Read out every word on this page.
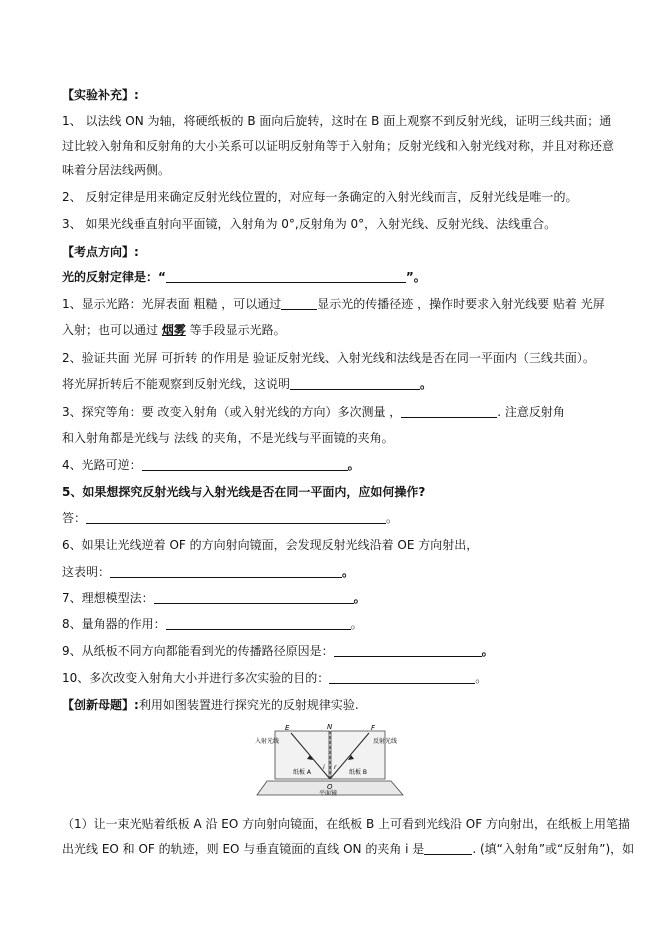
【实验补充】:
1、 以法线 ON 为轴，将硬纸板的 B 面向后旋转，这时在 B 面上观察不到反射光线，证明三线共面；通
过比较入射角和反射角的大小关系可以证明反射角等于入射角；反射光线和入射光线对称，并且对称还意
味着分居法线两侧。
2、 反射定律是用来确定反射光线位置的，对应每一条确定的入射光线而言，反射光线是唯一的。
3、 如果光线垂直射向平面镜，入射角为 0°,反射角为 0°，入射光线、反射光线、法线重合。
【考点方向】:
光的反射定律是：“	”。
1、显示光路：光屏表面 粗糙 ，可以通过	显示光的传播径迹 ，操作时要求入射光线要 贴着 光屏
入射；也可以通过 烟雾 等手段显示光路。
2、验证共面 光屏 可折转 的作用是 验证反射光线、入射光线和法线是否在同一平面内（三线共面）。
将光屏折转后不能观察到反射光线，这说明	。
3、探究等角：要 改变入射角（或入射光线的方向）多次测量 ，	. 注意反射角
和入射角都是光线与 法线 的夹角，不是光线与平面镜的夹角。
4、光路可逆：	。
5、如果想探究反射光线与入射光线是否在同一平面内，应如何操作?
答：	。
6、如果让光线逆着 OF 的方向射向镜面，会发现反射光线沿着 OE 方向射出，
这表明：	。
7、理想模型法：	。
8、量角器的作用：	。
9、从纸板不同方向都能看到光的传播路径原因是：	。
10、多次改变入射角大小并进行多次实验的目的：	。
【创新母题】:利用如图装置进行探究光的反射规律实验.
E	N	F
O
i r
入射光线	反射光线
纸板 A	纸板 B
平面镜
（1）让一束光贴着纸板 A 沿 EO 方向射向镜面，在纸板 B 上可看到光线沿 OF 方向射出，在纸板上用笔描
出光线 EO 和 OF 的轨迹，则 EO 与垂直镜面的直线 ON 的夹角 i 是	. (填“入射角”或“反射角”)，如
